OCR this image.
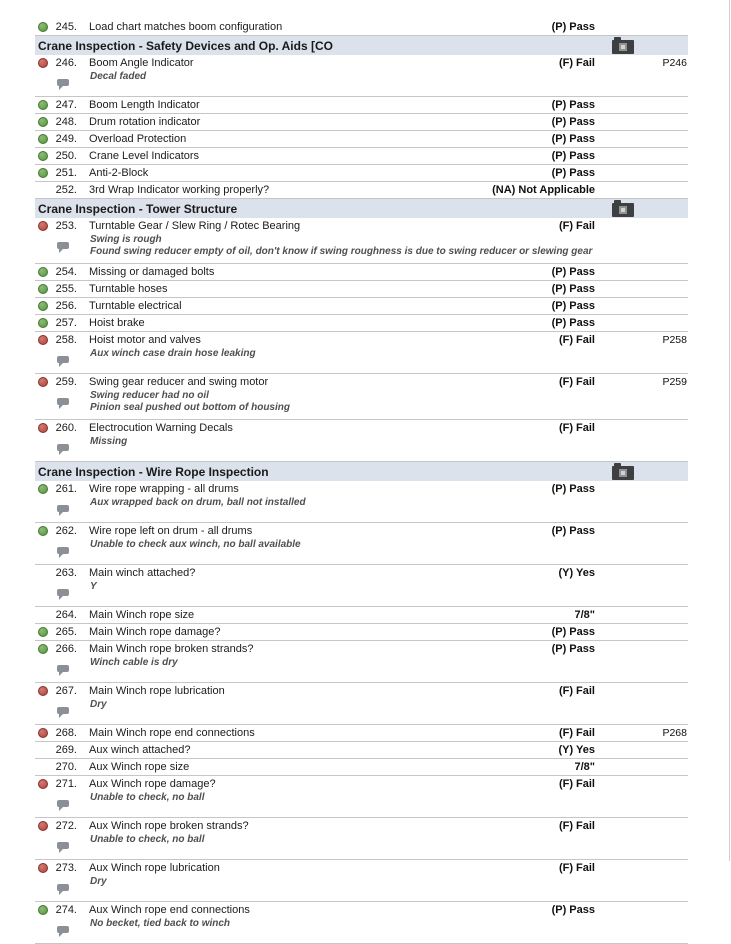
245. Load chart matches boom configuration	(P) Pass
Crane Inspection - Safety Devices and Op. Aids [CO
246. Boom Angle Indicator	(F) Fail	P246
Decal faded
247. Boom Length Indicator	(P) Pass
248. Drum rotation indicator	(P) Pass
249. Overload Protection	(P) Pass
250. Crane Level Indicators	(P) Pass
251. Anti-2-Block	(P) Pass
252. 3rd Wrap Indicator working properly?	(NA) Not Applicable
Crane Inspection - Tower Structure
253. Turntable Gear / Slew Ring / Rotec Bearing	(F) Fail
Swing is rough
Found swing reducer empty of oil, don't know if swing roughness is due to swing reducer or slewing gear
254. Missing or damaged bolts	(P) Pass
255. Turntable hoses	(P) Pass
256. Turntable electrical	(P) Pass
257. Hoist brake	(P) Pass
258. Hoist motor and valves	(F) Fail	P258
Aux winch case drain hose leaking
259. Swing gear reducer and swing motor	(F) Fail	P259
Swing reducer had no oil
Pinion seal pushed out bottom of housing
260. Electrocution Warning Decals	(F) Fail
Missing
Crane Inspection - Wire Rope Inspection
261. Wire rope wrapping - all drums	(P) Pass
Aux wrapped back on drum, ball not installed
262. Wire rope left on drum - all drums	(P) Pass
Unable to check aux winch, no ball available
263. Main winch attached?	(Y) Yes
Y
264. Main Winch rope size	7/8"
265. Main Winch rope damage?	(P) Pass
266. Main Winch rope broken strands?	(P) Pass
Winch cable is dry
267. Main Winch rope lubrication	(F) Fail
Dry
268. Main Winch rope end connections	(F) Fail	P268
269. Aux winch attached?	(Y) Yes
270. Aux Winch rope size	7/8"
271. Aux Winch rope damage?	(F) Fail
Unable to check, no ball
272. Aux Winch rope broken strands?	(F) Fail
Unable to check, no ball
273. Aux Winch rope lubrication	(F) Fail
Dry
274. Aux Winch rope end connections	(P) Pass
No becket, tied back to winch
